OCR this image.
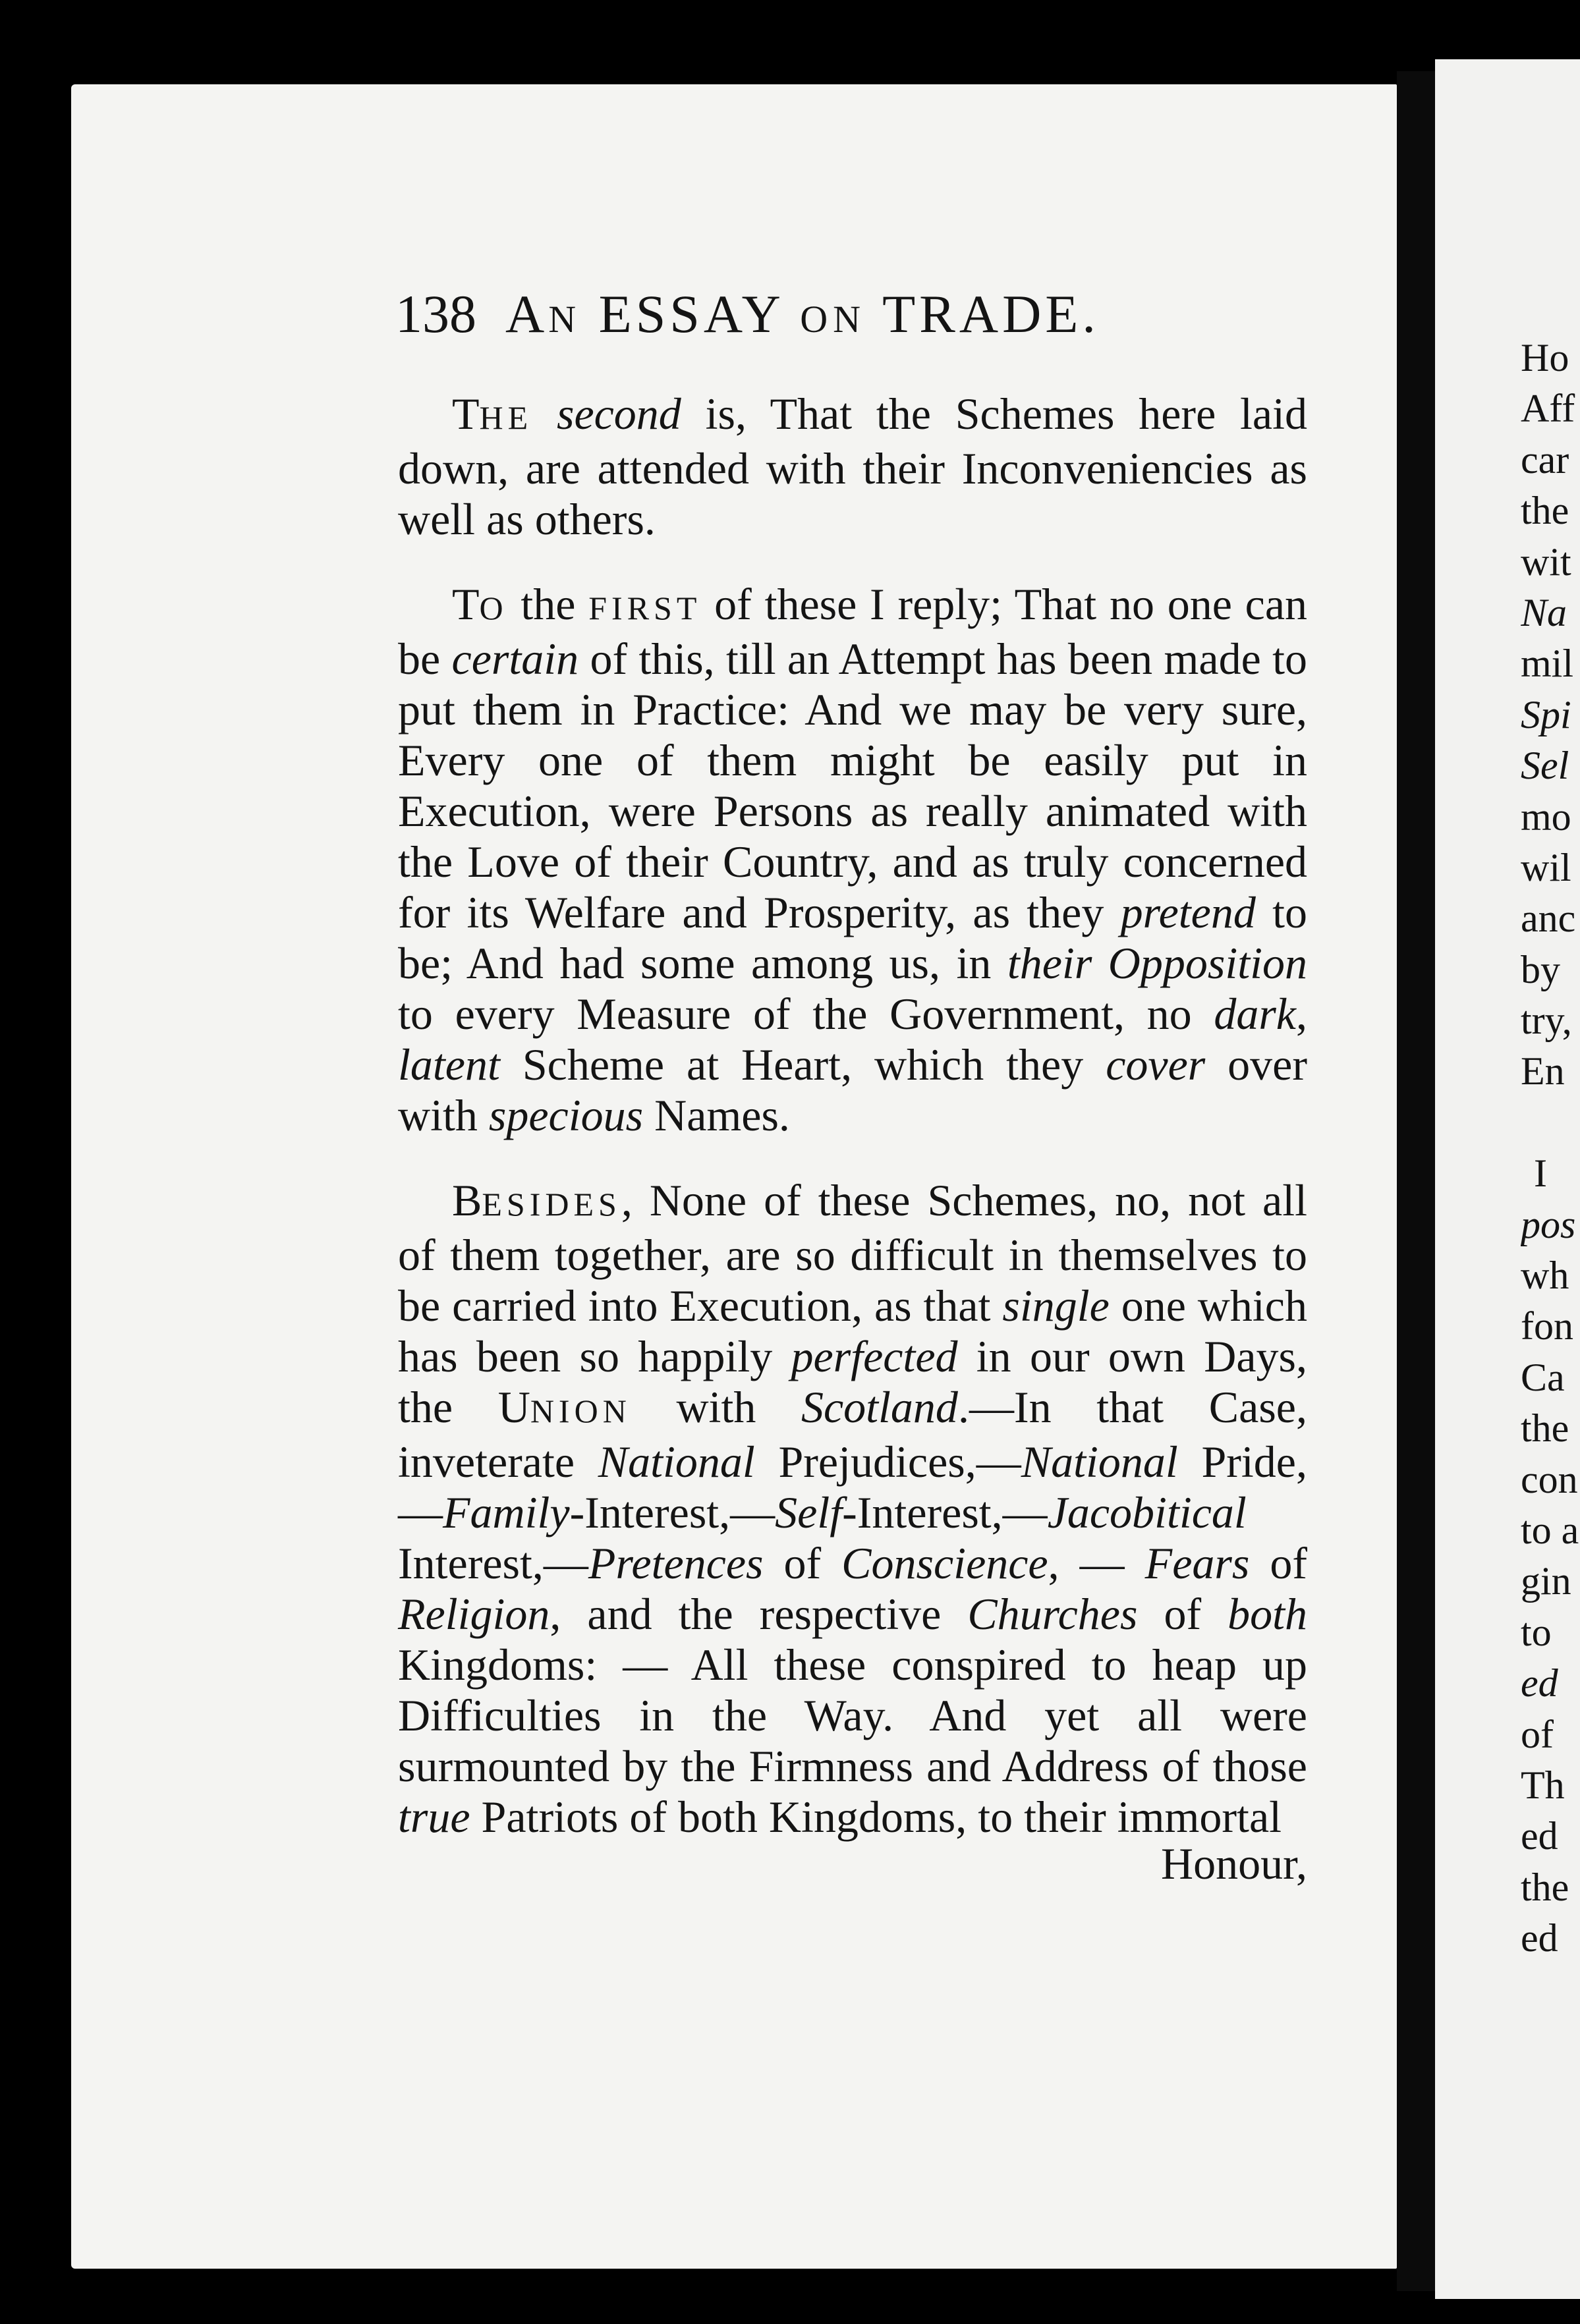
138 AN ESSAY ON TRADE.

THE second is, That the Schemes here laid down, are attended with their Inconveniencies as well as others.

TO the FIRST of these I reply; That no one can be certain of this, till an Attempt has been made to put them in Practice: And we may be very sure, Every one of them might be easily put in Execution, were Persons as really animated with the Love of their Country, and as truly concerned for its Welfare and Prosperity, as they pretend to be; And had some among us, in their Opposition to every Measure of the Government, no dark, latent Scheme at Heart, which they cover over with specious Names.

BESIDES, None of these Schemes, no, not all of them together, are so difficult in themselves to be carried into Execution, as that single one which has been so happily perfected in our own Days, the UNION with Scotland.—In that Case, inveterate National Prejudices,—National Pride,—Family-Interest,—Self-Interest,—Jacobitical Interest,—Pretences of Conscience, — Fears of Religion, and the respective Churches of both Kingdoms: — All these conspired to heap up Difficulties in the Way. And yet all were surmounted by the Firmness and Address of those true Patriots of both Kingdoms, to their immortal

Honour,
Ho
Aff
car
the
wit
Na
mil
Spi
Sel
mo
wil
anc
by
try,
En
I
pos
wh
fon
Ca
the
con
to a
gin
to
ed
of
Th
ed
the
ed
